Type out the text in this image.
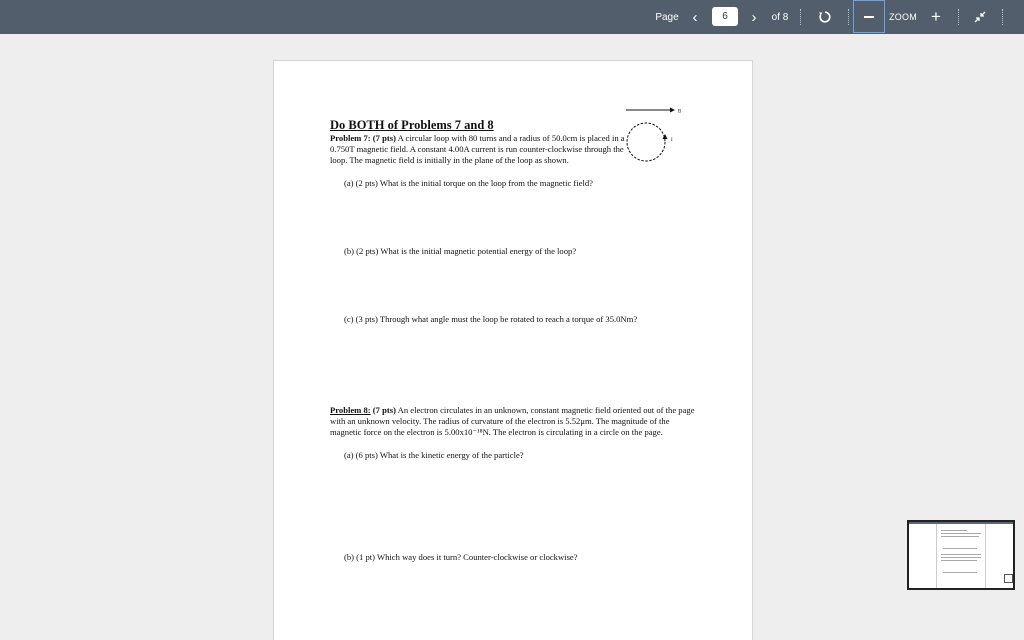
Page ‹
6	›	of 8	ZOOM +
B
I
Do BOTH of Problems 7 and 8
Problem 7: (7 pts) A circular loop with 80 turns and a radius of 50.0cm is placed in a 0.750T magnetic field. A constant 4.00A current is run counter-clockwise through the loop. The magnetic field is initially in the plane of the loop as shown.
(a) (2 pts) What is the initial torque on the loop from the magnetic field?
(b) (2 pts) What is the initial magnetic potential energy of the loop?
(c) (3 pts) Through what angle must the loop be rotated to reach a torque of 35.0Nm?
Problem 8: (7 pts) An electron circulates in an unknown, constant magnetic field oriented out of the page with an unknown velocity. The radius of curvature of the electron is 5.52μm. The magnitude of the magnetic force on the electron is 5.00x10⁻¹⁸N. The electron is circulating in a circle on the page.
(a) (6 pts) What is the kinetic energy of the particle?
(b) (1 pt) Which way does it turn? Counter-clockwise or clockwise?
